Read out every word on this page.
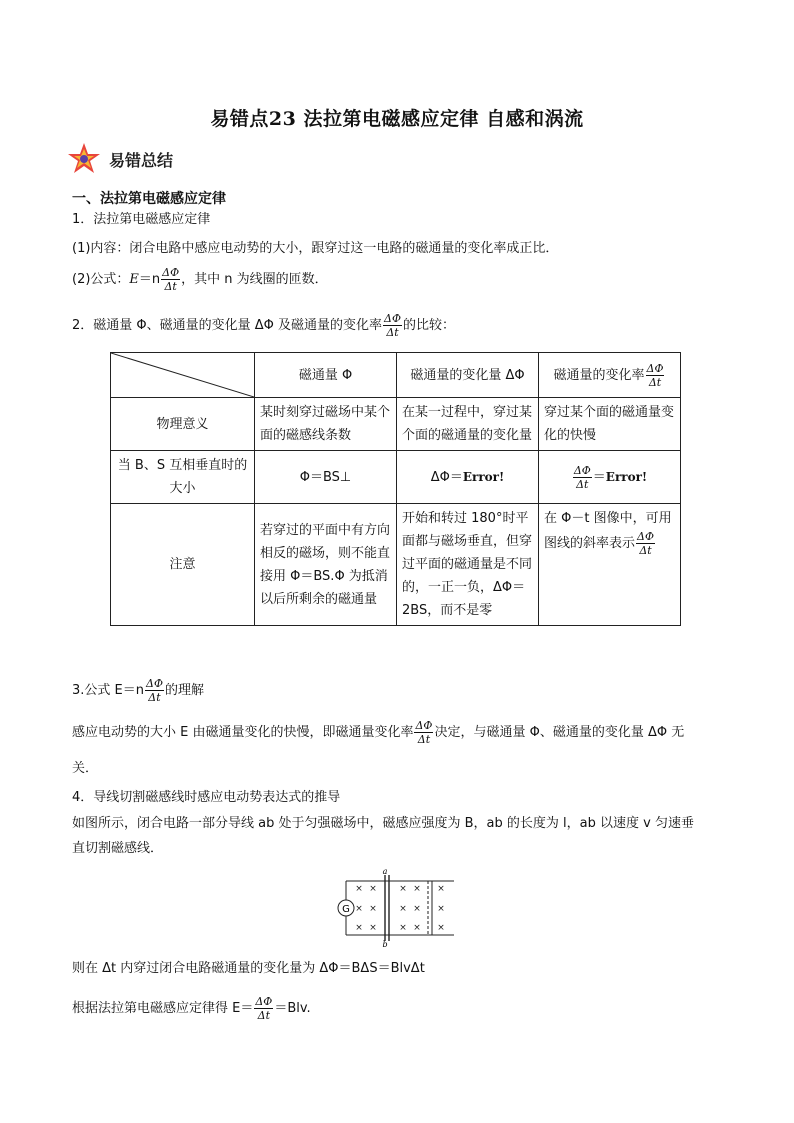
易错点23 法拉第电磁感应定律 自感和涡流
易错总结
一、法拉第电磁感应定律
1．法拉第电磁感应定律
(1)内容：闭合电路中感应电动势的大小，跟穿过这一电路的磁通量的变化率成正比．
(2)公式：$E=n \frac{\Delta\Phi}{\Delta t}$ ，其中 n 为线圈的匝数．
2．磁通量 Φ、磁通量的变化量 ΔΦ 及磁通量的变化率 $\frac{\Delta\Phi}{\Delta t}$ 的比较：
	磁通量 Φ	磁通量的变化量 ΔΦ	磁通量的变化率 $\frac{\Delta\Phi}{\Delta t}$

物理意义	某时刻穿过磁场中某个面的磁感线条数	在某一过程中，穿过某个面的磁通量的变化量	穿过某个面的磁通量变化的快慢
当 B、S 互相垂直时的大小	Φ＝BS⊥	ΔΦ＝Error!	$\frac{\Delta\Phi}{\Delta t}$ ＝Error!
注意	若穿过的平面中有方向相反的磁场，则不能直接用 Φ＝BS.Φ 为抵消以后所剩余的磁通量	开始和转过 180°时平面都与磁场垂直，但穿过平面的磁通量是不同的，一正一负，ΔΦ＝2BS，而不是零	在 Φ－t 图像中，可用图线的斜率表示 $\frac{\Delta\Phi}{\Delta t}$
3.公式 $E=n \frac{\Delta\Phi}{\Delta t}$ 的理解
感应电动势的大小 E 由磁通量变化的快慢，即磁通量变化率 $\frac{\Delta\Phi}{\Delta t}$ 决定，与磁通量 Φ、磁通量的变化量 ΔΦ 无
关．
4．导线切割磁感线时感应电动势表达式的推导
如图所示，闭合电路一部分导线 ab 处于匀强磁场中，磁感应强度为 B，ab 的长度为 l，ab 以速度 v 匀速垂
直切割磁感线．
G
a
b
× × × × ×
× × × × ×
× × × × ×
则在 Δt 内穿过闭合电路磁通量的变化量为 ΔΦ＝BΔS＝BlvΔt
根据法拉第电磁感应定律得 $E= \frac{\Delta\Phi}{\Delta t} =Blv$.
